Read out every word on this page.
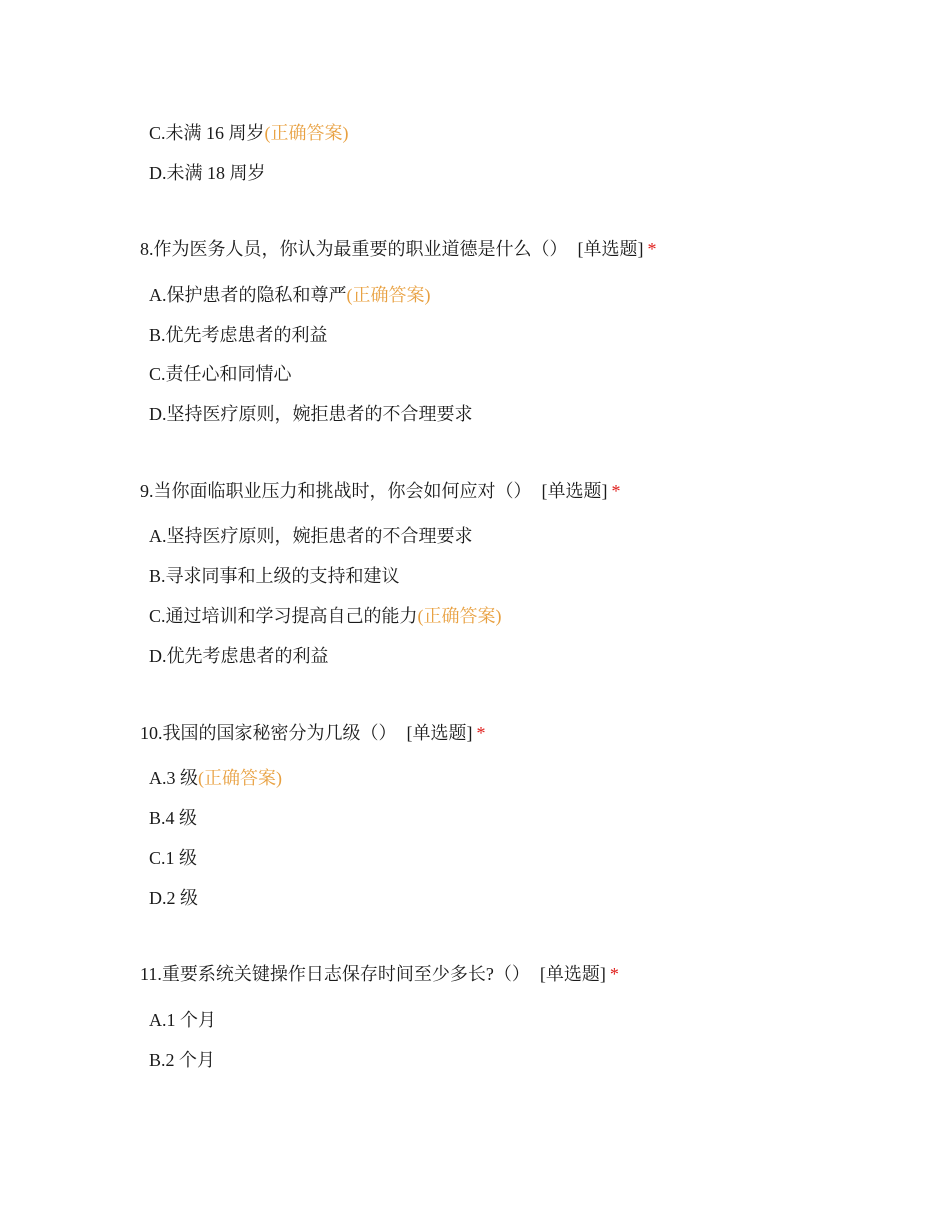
C.未满 16 周岁(正确答案)
D.未满 18 周岁
8.作为医务人员，你认为最重要的职业道德是什么（） [单选题] *
A.保护患者的隐私和尊严(正确答案)
B.优先考虑患者的利益
C.责任心和同情心
D.坚持医疗原则，婉拒患者的不合理要求
9.当你面临职业压力和挑战时，你会如何应对（） [单选题] *
A.坚持医疗原则，婉拒患者的不合理要求
B.寻求同事和上级的支持和建议
C.通过培训和学习提高自己的能力(正确答案)
D.优先考虑患者的利益
10.我国的国家秘密分为几级（） [单选题] *
A.3 级(正确答案)
B.4 级
C.1 级
D.2 级
11.重要系统关键操作日志保存时间至少多长?（） [单选题] *
A.1 个月
B.2 个月
